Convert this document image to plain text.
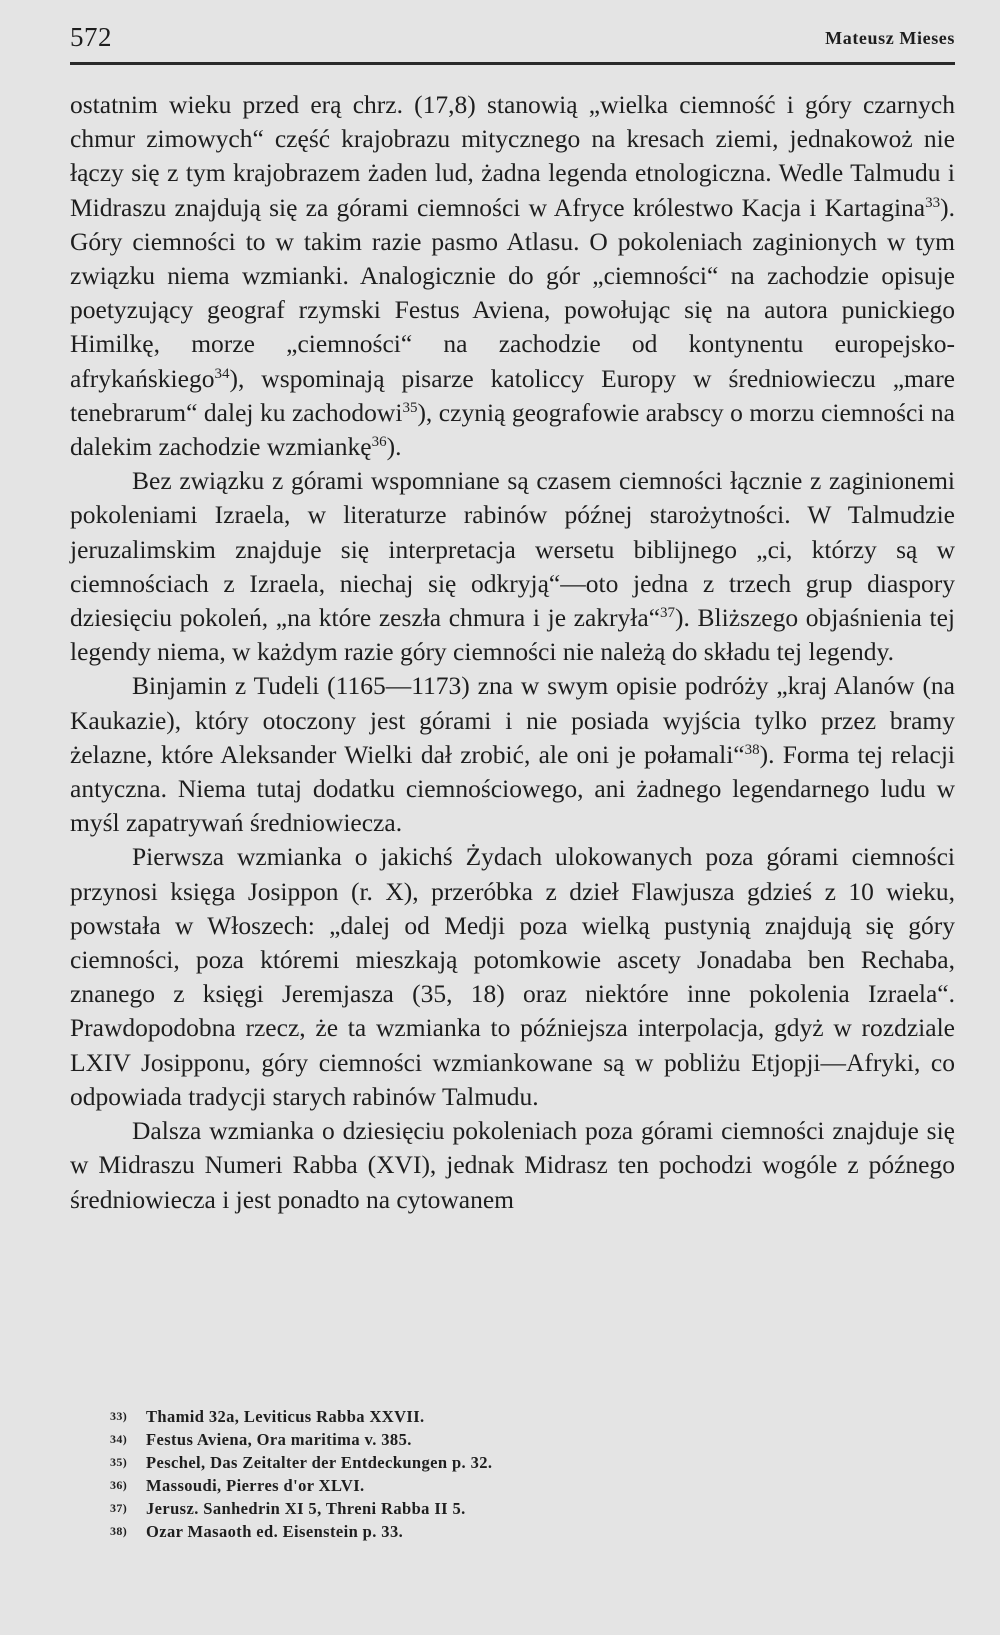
572	Mateusz Mieses

ostatnim wieku przed erą chrz. (17,8) stanowią „wielka ciemność i góry czarnych chmur zimowych“ część krajobrazu mitycznego na kresach ziemi, jednakowoż nie łączy się z tym krajobrazem żaden lud, żadna legenda etnologiczna. Wedle Talmudu i Midraszu znajdują się za górami ciemności w Afryce królestwo Kacja i Kartagina$^{33}$). Góry ciemności to w takim razie pasmo Atlasu. O pokoleniach zaginionych w tym związku niema wzmianki. Analogicznie do gór „ciemności“ na zachodzie opisuje poetyzujący geograf rzymski Festus Aviena, powołując się na autora punickiego Himilkę, morze „ciemności“ na zachodzie od kontynentu europejsko-afrykańskiego$^{34}$), wspominają pisarze katoliccy Europy w średniowieczu „mare tenebrarum“ dalej ku zachodowi$^{35}$), czynią geografowie arabscy o morzu ciemności na dalekim zachodzie wzmiankę$^{36}$).

Bez związku z górami wspomniane są czasem ciemności łącznie z zaginionemi pokoleniami Izraela, w literaturze rabinów późnej starożytności. W Talmudzie jeruzalimskim znajduje się interpretacja wersetu biblijnego „ci, którzy są w ciemnościach z Izraela, niechaj się odkryją“—oto jedna z trzech grup diaspory dziesięciu pokoleń, „na które zeszła chmura i je zakryła“$^{37}$). Bliższego objaśnienia tej legendy niema, w każdym razie góry ciemności nie należą do składu tej legendy.

Binjamin z Tudeli (1165—1173) zna w swym opisie podróży „kraj Alanów (na Kaukazie), który otoczony jest górami i nie posiada wyjścia tylko przez bramy żelazne, które Aleksander Wielki dał zrobić, ale oni je połamali“$^{38}$). Forma tej relacji antyczna. Niema tutaj dodatku ciemnościowego, ani żadnego legendarnego ludu w myśl zapatrywań średniowiecza.

Pierwsza wzmianka o jakichś Żydach ulokowanych poza górami ciemności przynosi księga Josippon (r. X), przeróbka z dzieł Flawjusza gdzieś z 10 wieku, powstała w Włoszech: „dalej od Medji poza wielką pustynią znajdują się góry ciemności, poza któremi mieszkają potomkowie ascety Jonadaba ben Rechaba, znanego z księgi Jeremjasza (35, 18) oraz niektóre inne pokolenia Izraela“. Prawdopodobna rzecz, że ta wzmianka to późniejsza interpolacja, gdyż w rozdziale LXIV Josipponu, góry ciemności wzmiankowane są w pobliżu Etjopji—Afryki, co odpowiada tradycji starych rabinów Talmudu.

Dalsza wzmianka o dziesięciu pokoleniach poza górami ciemności znajduje się w Midraszu Numeri Rabba (XVI), jednak Midrasz ten pochodzi wogóle z późnego średniowiecza i jest ponadto na cytowanem

33)	Thamid 32a, Leviticus Rabba XXVII.
34)	Festus Aviena, Ora maritima v. 385.
35)	Peschel, Das Zeitalter der Entdeckungen p. 32.
36)	Massoudi, Pierres d'or XLVI.
37)	Jerusz. Sanhedrin XI 5, Threni Rabba II 5.
38)	Ozar Masaoth ed. Eisenstein p. 33.
